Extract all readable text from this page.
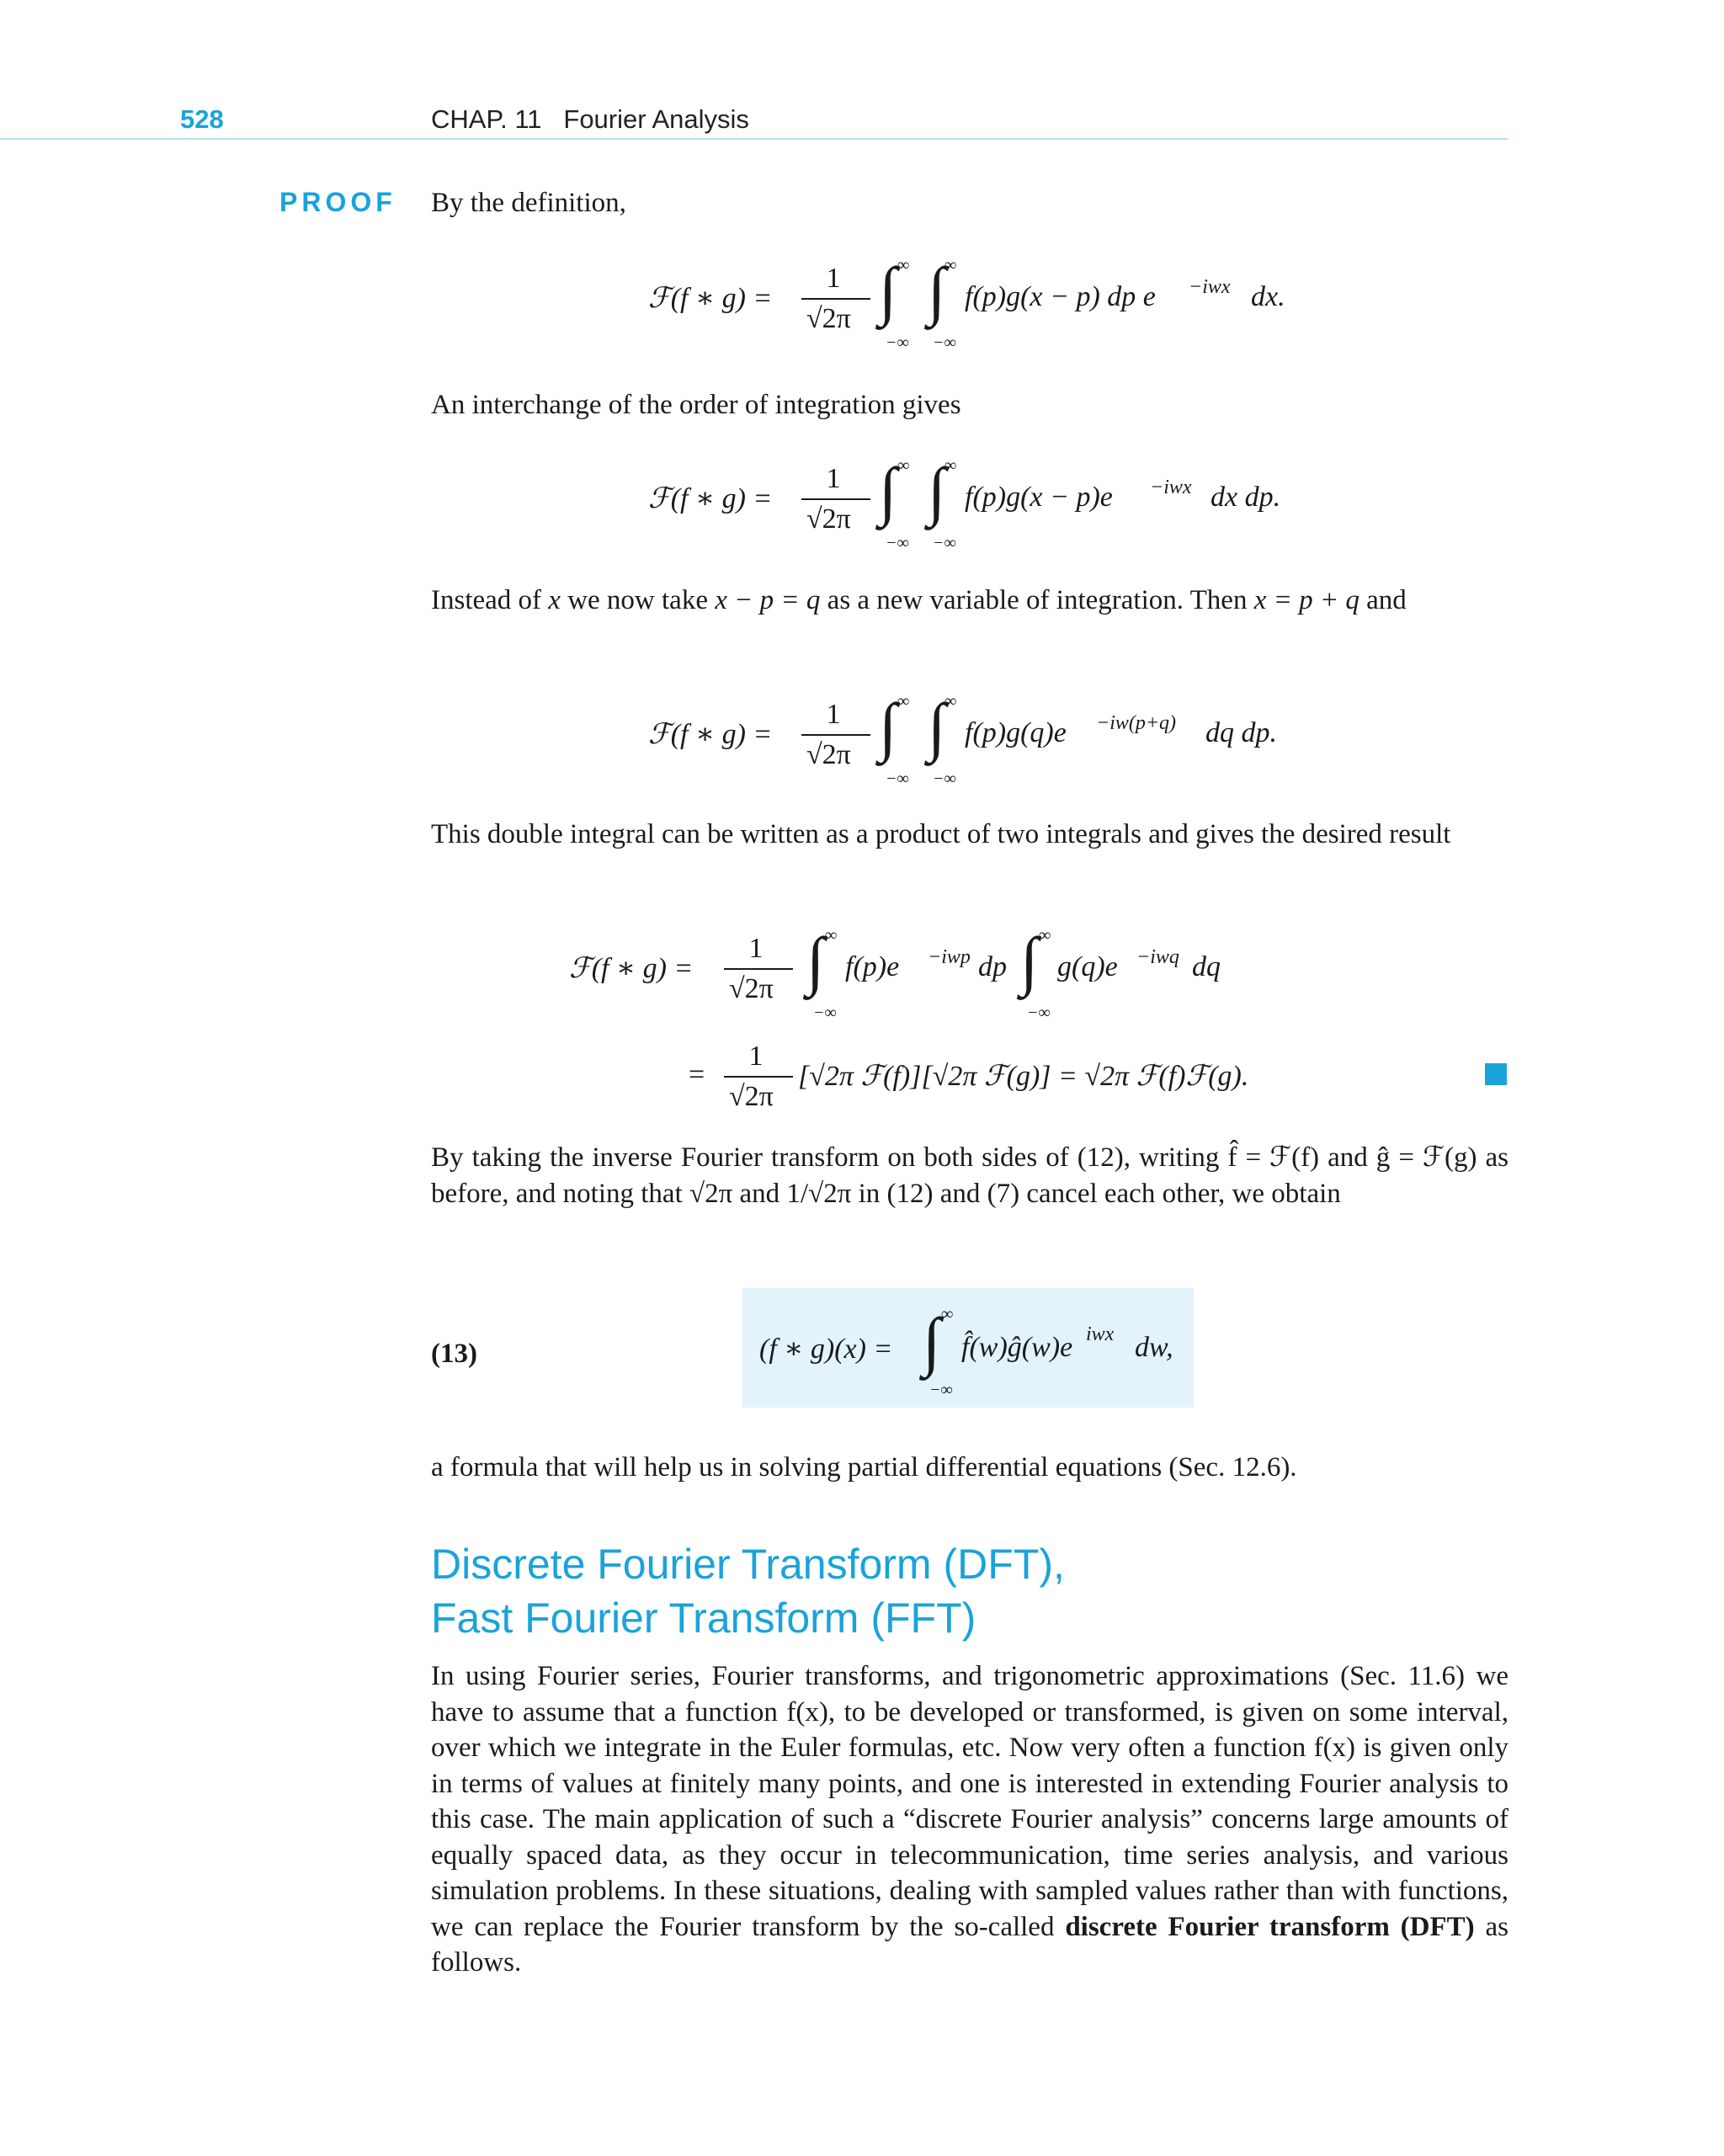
528	CHAP. 11   Fourier Analysis
PROOF By the definition,
ℱ(f ∗ g) =
1
√2π ∫ ∞
−∞
∫
∞
−∞
f(p)g(x − p) dp e −iwx dx.
An interchange of the order of integration gives
ℱ(f ∗ g) =
1
√2π ∫ ∞
−∞
∫
∞
−∞
f(p)g(x − p)e −iwx dx dp.
Instead of x we now take x − p = q as a new variable of integration. Then x = p + q and
ℱ(f ∗ g) =
1
√2π ∫ ∞
−∞
∫
∞
−∞
f(p)g(q)e −iw(p+q) dq dp.
This double integral can be written as a product of two integrals and gives the desired result
ℱ(f ∗ g) =
1
√2π ∫ ∞
−∞
f(p)e −iwp dp ∫ ∞
−∞
g(q)e −iwq dq
=
1
√2π
[√2π ℱ(f)][√2π ℱ(g)] = √2π ℱ(f)ℱ(g).
By taking the inverse Fourier transform on both sides of (12), writing f̂ = ℱ(f) and ĝ = ℱ(g) as before, and noting that √2π and 1/√2π in (12) and (7) cancel each other, we obtain
(13)	(f ∗ g)(x) = ∫ ∞
−∞
f̂(w)ĝ(w)e iwx dw,
a formula that will help us in solving partial differential equations (Sec. 12.6).
Discrete Fourier Transform (DFT),
Fast Fourier Transform (FFT)
In using Fourier series, Fourier transforms, and trigonometric approximations (Sec. 11.6) we have to assume that a function f(x), to be developed or transformed, is given on some interval, over which we integrate in the Euler formulas, etc. Now very often a function f(x) is given only in terms of values at finitely many points, and one is interested in extending Fourier analysis to this case. The main application of such a “discrete Fourier analysis” concerns large amounts of equally spaced data, as they occur in telecommunication, time series analysis, and various simulation problems. In these situations, dealing with sampled values rather than with functions, we can replace the Fourier transform by the so-called discrete Fourier transform (DFT) as follows.
